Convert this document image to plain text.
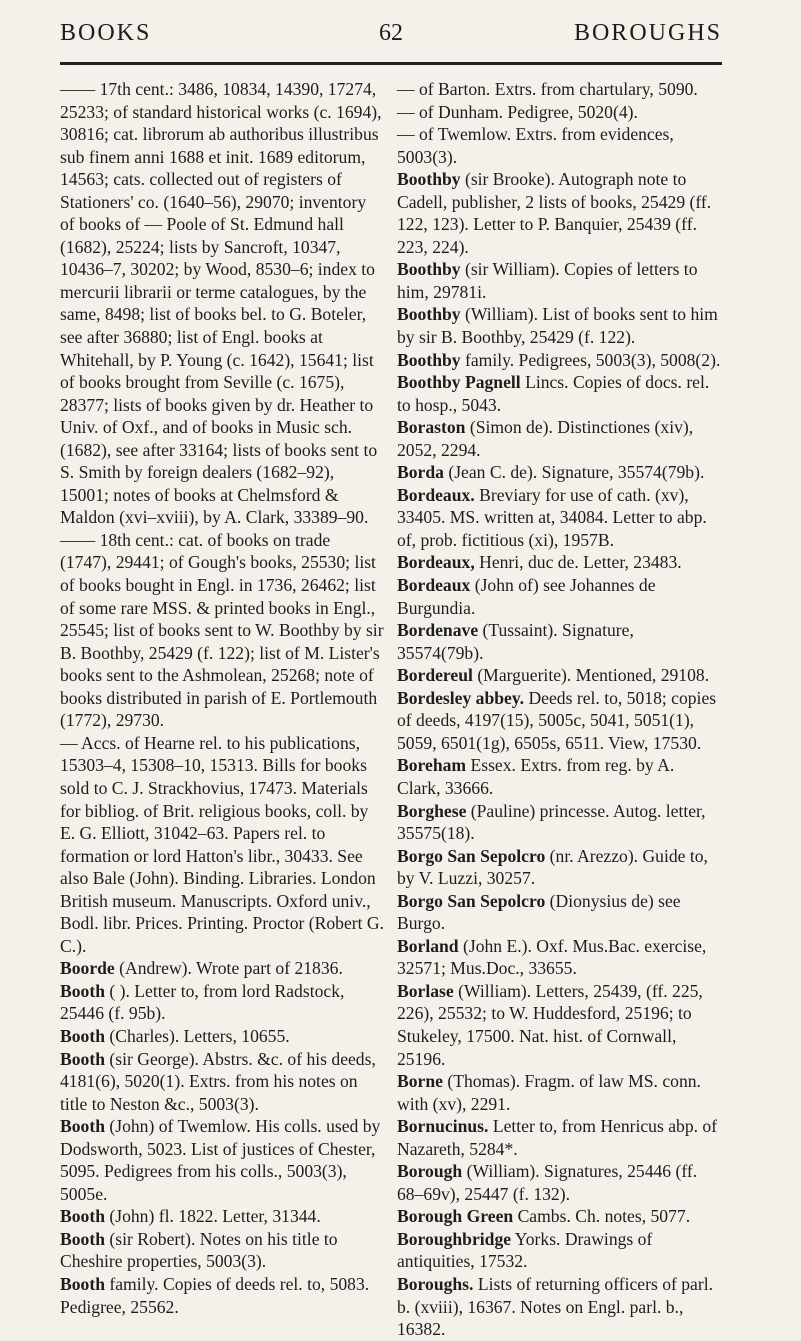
BOOKS	62	BOROUGHS
—— 17th cent.: 3486, 10834, 14390, 17274, 25233; of standard historical works (c. 1694), 30816; cat. librorum ab authoribus illustribus sub finem anni 1688 et init. 1689 editorum, 14563; cats. collected out of registers of Stationers' co. (1640–56), 29070; inventory of books of — Poole of St. Edmund hall (1682), 25224; lists by Sancroft, 10347, 10436–7, 30202; by Wood, 8530–6; index to mercurii librarii or terme catalogues, by the same, 8498; list of books bel. to G. Boteler, see after 36880; list of Engl. books at Whitehall, by P. Young (c. 1642), 15641; list of books brought from Seville (c. 1675), 28377; lists of books given by dr. Heather to Univ. of Oxf., and of books in Music sch. (1682), see after 33164; lists of books sent to S. Smith by foreign dealers (1682–92), 15001; notes of books at Chelmsford & Maldon (xvi–xviii), by A. Clark, 33389–90.
—— 18th cent.: cat. of books on trade (1747), 29441; of Gough's books, 25530; list of books bought in Engl. in 1736, 26462; list of some rare MSS. & printed books in Engl., 25545; list of books sent to W. Boothby by sir B. Boothby, 25429 (f. 122); list of M. Lister's books sent to the Ashmolean, 25268; note of books distributed in parish of E. Portlemouth (1772), 29730.
— Accs. of Hearne rel. to his publications, 15303–4, 15308–10, 15313. Bills for books sold to C. J. Strackhovius, 17473. Materials for bibliog. of Brit. religious books, coll. by E. G. Elliott, 31042–63. Papers rel. to formation or lord Hatton's libr., 30433. See also Bale (John). Binding. Libraries. London British museum. Manuscripts. Oxford univ., Bodl. libr. Prices. Printing. Proctor (Robert G. C.).
Boorde (Andrew). Wrote part of 21836.
Booth ( ). Letter to, from lord Radstock, 25446 (f. 95b).
Booth (Charles). Letters, 10655.
Booth (sir George). Abstrs. &c. of his deeds, 4181(6), 5020(1). Extrs. from his notes on title to Neston &c., 5003(3).
Booth (John) of Twemlow. His colls. used by Dodsworth, 5023. List of justices of Chester, 5095. Pedigrees from his colls., 5003(3), 5005e.
Booth (John) fl. 1822. Letter, 31344.
Booth (sir Robert). Notes on his title to Cheshire properties, 5003(3).
Booth family. Copies of deeds rel. to, 5083. Pedigree, 25562.
— of Barton. Extrs. from chartulary, 5090.
— of Dunham. Pedigree, 5020(4).
— of Twemlow. Extrs. from evidences, 5003(3).
Boothby (sir Brooke). Autograph note to Cadell, publisher, 2 lists of books, 25429 (ff. 122, 123). Letter to P. Banquier, 25439 (ff. 223, 224).
Boothby (sir William). Copies of letters to him, 29781i.
Boothby (William). List of books sent to him by sir B. Boothby, 25429 (f. 122).
Boothby family. Pedigrees, 5003(3), 5008(2).
Boothby Pagnell Lincs. Copies of docs. rel. to hosp., 5043.
Boraston (Simon de). Distinctiones (xiv), 2052, 2294.
Borda (Jean C. de). Signature, 35574(79b).
Bordeaux. Breviary for use of cath. (xv), 33405. MS. written at, 34084. Letter to abp. of, prob. fictitious (xi), 1957B.
Bordeaux, Henri, duc de. Letter, 23483.
Bordeaux (John of) see Johannes de Burgundia.
Bordenave (Tussaint). Signature, 35574(79b).
Bordereul (Marguerite). Mentioned, 29108.
Bordesley abbey. Deeds rel. to, 5018; copies of deeds, 4197(15), 5005c, 5041, 5051(1), 5059, 6501(1g), 6505s, 6511. View, 17530.
Boreham Essex. Extrs. from reg. by A. Clark, 33666.
Borghese (Pauline) princesse. Autog. letter, 35575(18).
Borgo San Sepolcro (nr. Arezzo). Guide to, by V. Luzzi, 30257.
Borgo San Sepolcro (Dionysius de) see Burgo.
Borland (John E.). Oxf. Mus.Bac. exercise, 32571; Mus.Doc., 33655.
Borlase (William). Letters, 25439, (ff. 225, 226), 25532; to W. Huddesford, 25196; to Stukeley, 17500. Nat. hist. of Cornwall, 25196.
Borne (Thomas). Fragm. of law MS. conn. with (xv), 2291.
Bornucinus. Letter to, from Henricus abp. of Nazareth, 5284*.
Borough (William). Signatures, 25446 (ff. 68–69v), 25447 (f. 132).
Borough Green Cambs. Ch. notes, 5077.
Boroughbridge Yorks. Drawings of antiquities, 17532.
Boroughs. Lists of returning officers of parl. b. (xviii), 16367. Notes on Engl. parl. b., 16382.
